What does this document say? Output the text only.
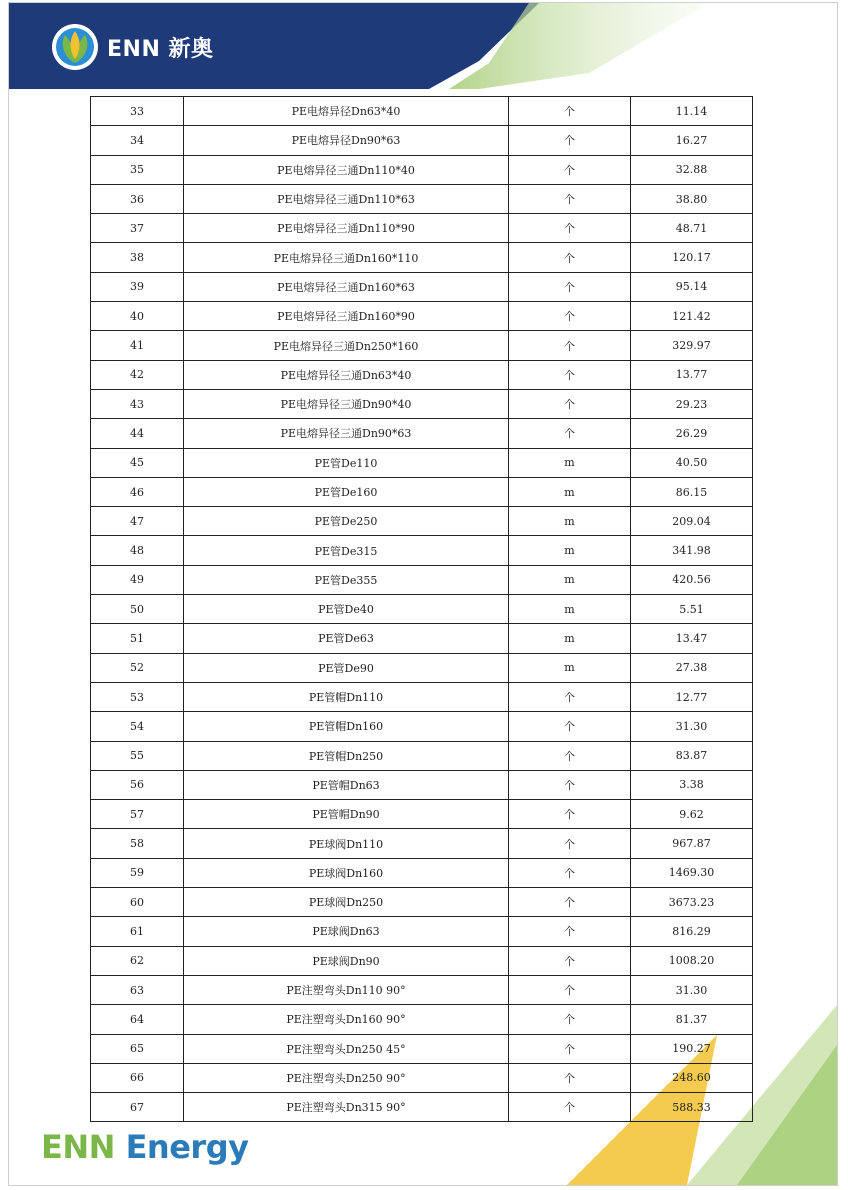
ENN 新奥
ENN Energy
33	PE电熔异径Dn63*40	个	11.14
34	PE电熔异径Dn90*63	个	16.27
35	PE电熔异径三通Dn110*40	个	32.88
36	PE电熔异径三通Dn110*63	个	38.80
37	PE电熔异径三通Dn110*90	个	48.71
38	PE电熔异径三通Dn160*110	个	120.17
39	PE电熔异径三通Dn160*63	个	95.14
40	PE电熔异径三通Dn160*90	个	121.42
41	PE电熔异径三通Dn250*160	个	329.97
42	PE电熔异径三通Dn63*40	个	13.77
43	PE电熔异径三通Dn90*40	个	29.23
44	PE电熔异径三通Dn90*63	个	26.29
45	PE管De110	m	40.50
46	PE管De160	m	86.15
47	PE管De250	m	209.04
48	PE管De315	m	341.98
49	PE管De355	m	420.56
50	PE管De40	m	5.51
51	PE管De63	m	13.47
52	PE管De90	m	27.38
53	PE管帽Dn110	个	12.77
54	PE管帽Dn160	个	31.30
55	PE管帽Dn250	个	83.87
56	PE管帽Dn63	个	3.38
57	PE管帽Dn90	个	9.62
58	PE球阀Dn110	个	967.87
59	PE球阀Dn160	个	1469.30
60	PE球阀Dn250	个	3673.23
61	PE球阀Dn63	个	816.29
62	PE球阀Dn90	个	1008.20
63	PE注塑弯头Dn110 90°	个	31.30
64	PE注塑弯头Dn160 90°	个	81.37
65	PE注塑弯头Dn250 45°	个	190.27
66	PE注塑弯头Dn250 90°	个	248.60
67	PE注塑弯头Dn315 90°	个	588.33
